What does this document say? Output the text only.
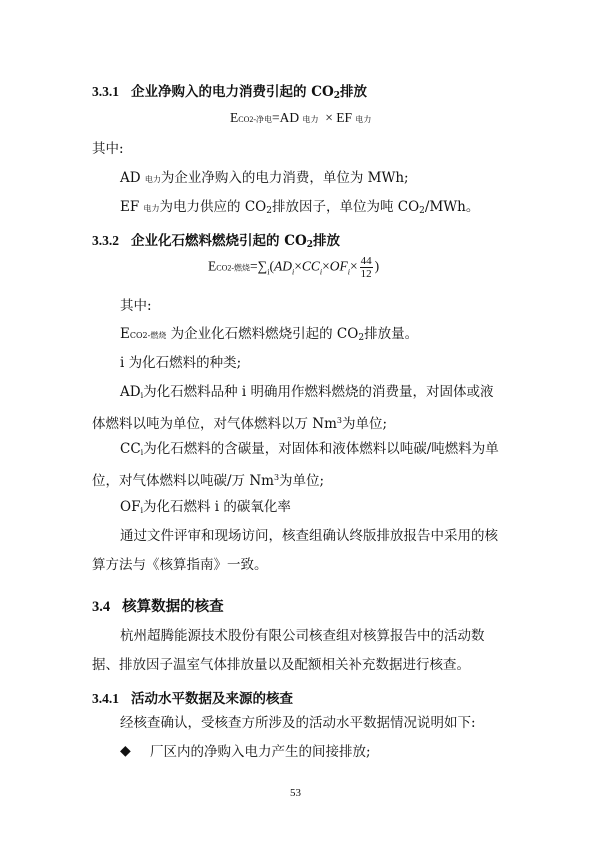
3.3.1 企业净购入的电力消费引起的 $CO_2$排放
ECO2-净电=AD 电力 × EF 电力
其中:
AD 电力为企业净购入的电力消费，单位为 MWh;
EF 电力为电力供应的 $CO_2$排放因子，单位为吨 $CO_2$/MWh。
3.3.2 企业化石燃料燃烧引起的 $CO_2$排放
ECO2-燃烧$=\sum_i(AD_i\times CC_i\times OF_i\times \frac{44}{12}$ )
其中:
ECO2-燃烧 为企业化石燃料燃烧引起的 $CO_2$排放量。
i 为化石燃料的种类;
$AD_i$为化石燃料品种 i 明确用作燃料燃烧的消费量，对固体或液
体燃料以吨为单位，对气体燃料以万 Nm$^3$为单位;
$CC_i$为化石燃料的含碳量，对固体和液体燃料以吨碳/吨燃料为单
位，对气体燃料以吨碳/万 Nm$^3$为单位;
$OF_i$为化石燃料 i 的碳氧化率
通过文件评审和现场访问，核查组确认终版排放报告中采用的核
算方法与《核算指南》一致。
3.4 核算数据的核查
杭州超腾能源技术股份有限公司核查组对核算报告中的活动数
据、排放因子温室气体排放量以及配额相关补充数据进行核查。
3.4.1 活动水平数据及来源的核查
经核查确认，受核查方所涉及的活动水平数据情况说明如下:
◆ 厂区内的净购入电力产生的间接排放;
53
